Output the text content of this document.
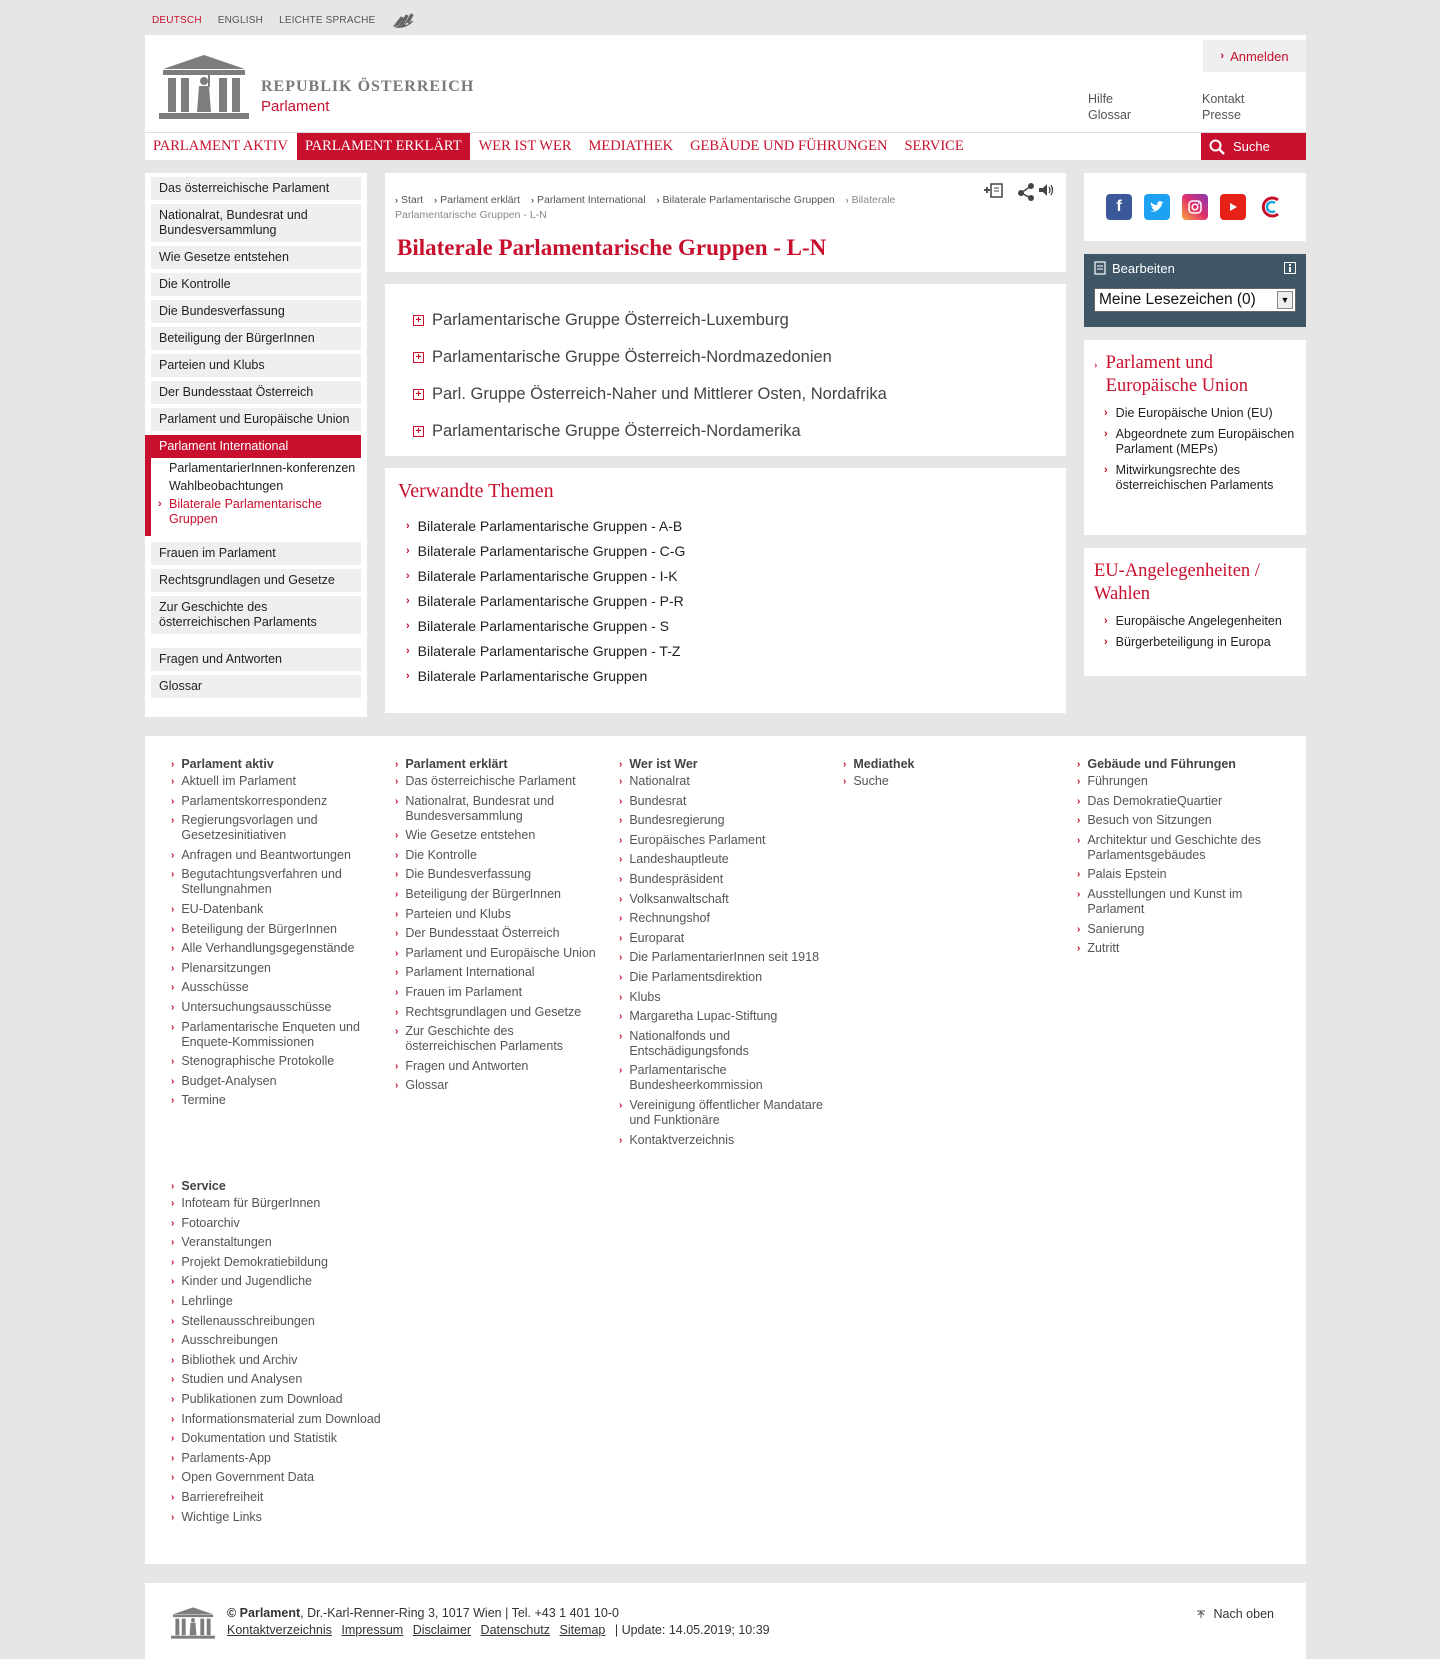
DEUTSCH ENGLISH LEICHTE SPRACHE
REPUBLIK ÖSTERREICH
Parlament
› Anmelden
Hilfe
Glossar
Kontakt
Presse
PARLAMENT AKTIV	PARLAMENT ERKLÄRT	WER IST WER	MEDIATHEK	GEBÄUDE UND FÜHRUNGEN	SERVICE	Suche
Das österreichische Parlament
Nationalrat, Bundesrat und Bundesversammlung
Wie Gesetze entstehen
Die Kontrolle
Die Bundesverfassung
Beteiligung der BürgerInnen
Parteien und Klubs
Der Bundesstaat Österreich
Parlament und Europäische Union
Parlament International
ParlamentarierInnen-konferenzen
Wahlbeobachtungen
› Bilaterale Parlamentarische Gruppen
Frauen im Parlament
Rechtsgrundlagen und Gesetze
Zur Geschichte des österreichischen Parlaments
Fragen und Antworten
Glossar
› Start › Parlament erklärt › Parlament International › Bilaterale Parlamentarische Gruppen › Bilaterale Parlamentarische Gruppen - L-N
Bilaterale Parlamentarische Gruppen - L-N
+ Parlamentarische Gruppe Österreich-Luxemburg
+ Parlamentarische Gruppe Österreich-Nordmazedonien
+ Parl. Gruppe Österreich-Naher und Mittlerer Osten, Nordafrika
+ Parlamentarische Gruppe Österreich-Nordamerika
Verwandte Themen
› Bilaterale Parlamentarische Gruppen - A-B
› Bilaterale Parlamentarische Gruppen - C-G
› Bilaterale Parlamentarische Gruppen - I-K
› Bilaterale Parlamentarische Gruppen - P-R
› Bilaterale Parlamentarische Gruppen - S
› Bilaterale Parlamentarische Gruppen - T-Z
› Bilaterale Parlamentarische Gruppen
f
Bearbeiten
Meine Lesezeichen (0)	▼
› Parlament und Europäische Union
› Die Europäische Union (EU)
› Abgeordnete zum Europäischen Parlament (MEPs)
› Mitwirkungsrechte des österreichischen Parlaments
EU-Angelegenheiten / Wahlen
› Europäische Angelegenheiten
› Bürgerbeteiligung in Europa
› Parlament aktiv
› Aktuell im Parlament
› Parlamentskorrespondenz
› Regierungsvorlagen und Gesetzesinitiativen
› Anfragen und Beantwortungen
› Begutachtungsverfahren und Stellungnahmen
› EU-Datenbank
› Beteiligung der BürgerInnen
› Alle Verhandlungsgegenstände
› Plenarsitzungen
› Ausschüsse
› Untersuchungsausschüsse
› Parlamentarische Enqueten und Enquete-Kommissionen
› Stenographische Protokolle
› Budget-Analysen
› Termine
› Parlament erklärt
› Das österreichische Parlament
› Nationalrat, Bundesrat und Bundesversammlung
› Wie Gesetze entstehen
› Die Kontrolle
› Die Bundesverfassung
› Beteiligung der BürgerInnen
› Parteien und Klubs
› Der Bundesstaat Österreich
› Parlament und Europäische Union
› Parlament International
› Frauen im Parlament
› Rechtsgrundlagen und Gesetze
› Zur Geschichte des österreichischen Parlaments
› Fragen und Antworten
› Glossar
› Wer ist Wer
› Nationalrat
› Bundesrat
› Bundesregierung
› Europäisches Parlament
› Landeshauptleute
› Bundespräsident
› Volksanwaltschaft
› Rechnungshof
› Europarat
› Die ParlamentarierInnen seit 1918
› Die Parlamentsdirektion
› Klubs
› Margaretha Lupac-Stiftung
› Nationalfonds und Entschädigungsfonds
› Parlamentarische Bundesheerkommission
› Vereinigung öffentlicher Mandatare und Funktionäre
› Kontaktverzeichnis
› Mediathek
› Suche
› Gebäude und Führungen
› Führungen
› Das DemokratieQuartier
› Besuch von Sitzungen
› Architektur und Geschichte des Parlamentsgebäudes
› Palais Epstein
› Ausstellungen und Kunst im Parlament
› Sanierung
› Zutritt
› Service
› Infoteam für BürgerInnen
› Fotoarchiv
› Veranstaltungen
› Projekt Demokratiebildung
› Kinder und Jugendliche
› Lehrlinge
› Stellenausschreibungen
› Ausschreibungen
› Bibliothek und Archiv
› Studien und Analysen
› Publikationen zum Download
› Informationsmaterial zum Download
› Dokumentation und Statistik
› Parlaments-App
› Open Government Data
› Barrierefreiheit
› Wichtige Links
© Parlament, Dr.-Karl-Renner-Ring 3, 1017 Wien | Tel. +43 1 401 10-0
Kontaktverzeichnis Impressum Disclaimer Datenschutz Sitemap | Update: 14.05.2019; 10:39
Nach oben
